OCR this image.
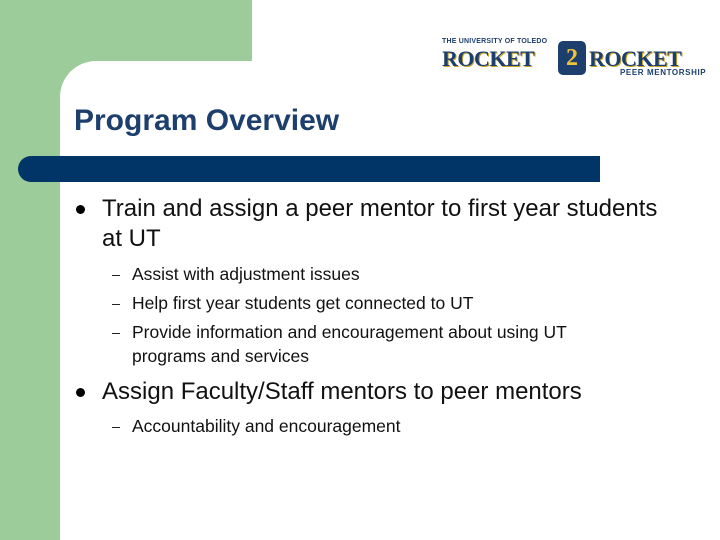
THE UNIVERSITY OF TOLEDO
ROCKET	2 ROCKET
PEER MENTORSHIP
Program Overview
Train and assign a peer mentor to first year students at UT
Assist with adjustment issues
Help first year students get connected to UT
Provide information and encouragement about using UT programs and services
Assign Faculty/Staff mentors to peer mentors
Accountability and encouragement
